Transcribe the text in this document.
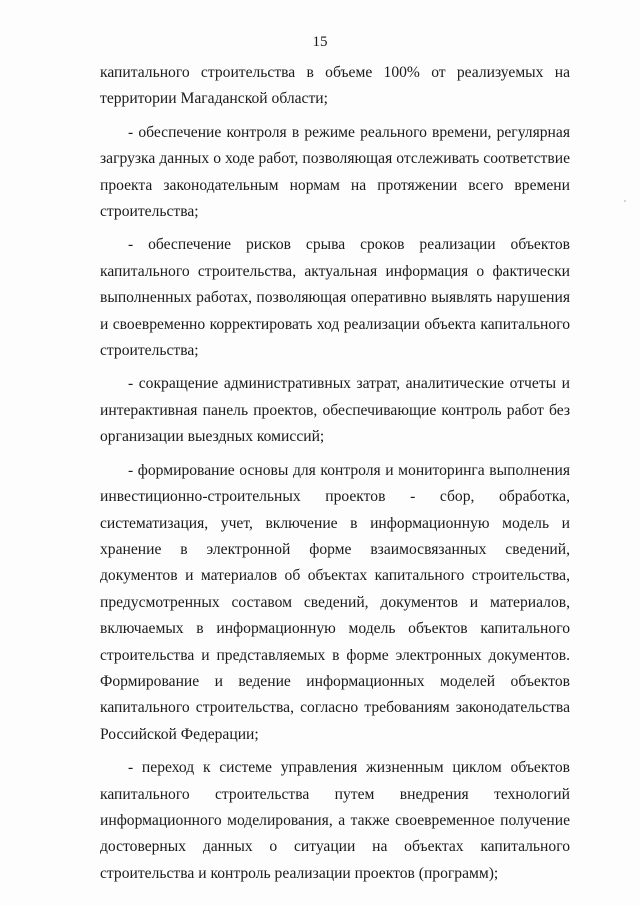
15

капитального строительства в объеме 100% от реализуемых на территории Магаданской области;

- обеспечение контроля в режиме реального времени, регулярная загрузка данных о ходе работ, позволяющая отслеживать соответствие проекта законодательным нормам на протяжении всего времени строительства;

- обеспечение рисков срыва сроков реализации объектов капитального строительства, актуальная информация о фактически выполненных работах, позволяющая оперативно выявлять нарушения и своевременно корректировать ход реализации объекта капитального строительства;

- сокращение административных затрат, аналитические отчеты и интерактивная панель проектов, обеспечивающие контроль работ без организации выездных комиссий;

- формирование основы для контроля и мониторинга выполнения инвестиционно-строительных проектов - сбор, обработка, систематизация, учет, включение в информационную модель и хранение в электронной форме взаимосвязанных сведений, документов и материалов об объектах капитального строительства, предусмотренных составом сведений, документов и материалов, включаемых в информационную модель объектов капитального строительства и представляемых в форме электронных документов. Формирование и ведение информационных моделей объектов капитального строительства, согласно требованиям законодательства Российской Федерации;

- переход к системе управления жизненным циклом объектов капитального строительства путем внедрения технологий информационного моделирования, а также своевременное получение достоверных данных о ситуации на объектах капитального строительства и контроль реализации проектов (программ);
